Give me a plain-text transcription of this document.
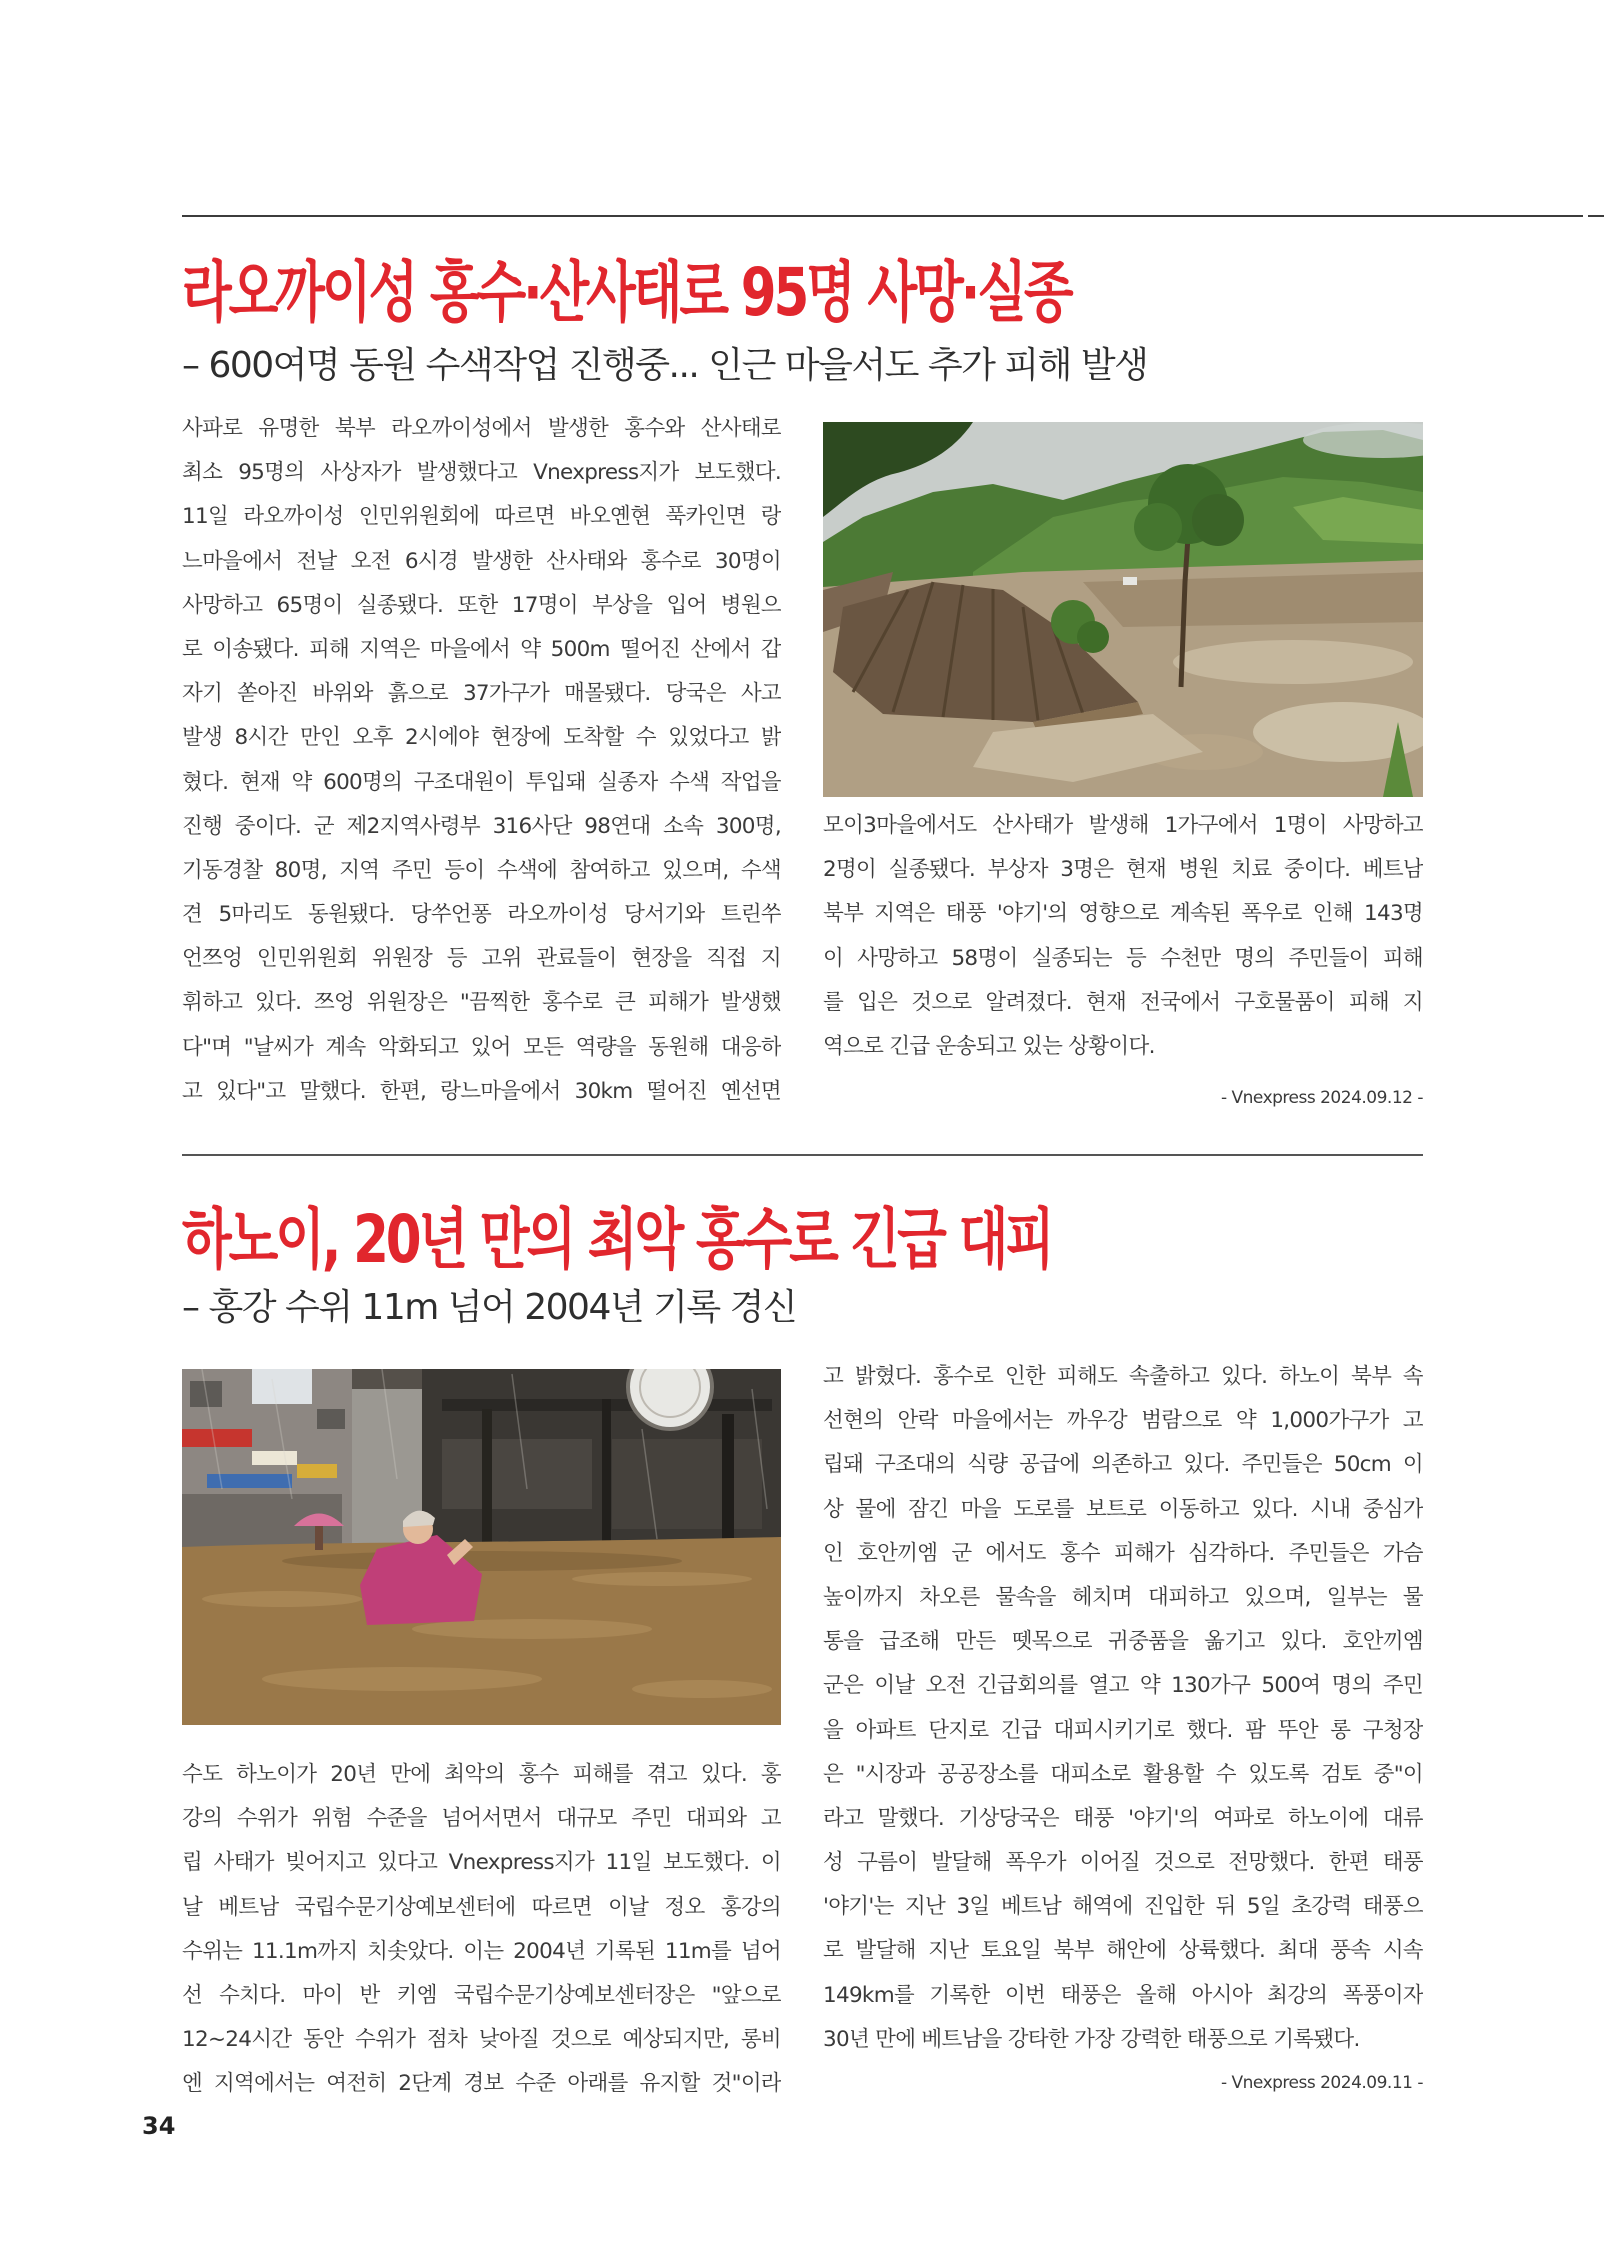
라오까이성 홍수·산사태로 95명 사망·실종
– 600여명 동원 수색작업 진행중... 인근 마을서도 추가 피해 발생
사파로 유명한 북부 라오까이성에서 발생한 홍수와 산사태로
최소 95명의 사상자가 발생했다고 Vnexpress지가 보도했다.
11일 라오까이성 인민위원회에 따르면 바오옌현 푹카인면 랑
느마을에서 전날 오전 6시경 발생한 산사태와 홍수로 30명이
사망하고 65명이 실종됐다. 또한 17명이 부상을 입어 병원으
로 이송됐다. 피해 지역은 마을에서 약 500m 떨어진 산에서 갑
자기 쏟아진 바위와 흙으로 37가구가 매몰됐다. 당국은 사고
발생 8시간 만인 오후 2시에야 현장에 도착할 수 있었다고 밝
혔다. 현재 약 600명의 구조대원이 투입돼 실종자 수색 작업을
진행 중이다. 군 제2지역사령부 316사단 98연대 소속 300명,
기동경찰 80명, 지역 주민 등이 수색에 참여하고 있으며, 수색
견 5마리도 동원됐다. 당쑤언퐁 라오까이성 당서기와 트린쑤
언쯔엉 인민위원회 위원장 등 고위 관료들이 현장을 직접 지
휘하고 있다. 쯔엉 위원장은 "끔찍한 홍수로 큰 피해가 발생했
다"며 "날씨가 계속 악화되고 있어 모든 역량을 동원해 대응하
고 있다"고 말했다. 한편, 랑느마을에서 30km 떨어진 옌선면
모이3마을에서도 산사태가 발생해 1가구에서 1명이 사망하고
2명이 실종됐다. 부상자 3명은 현재 병원 치료 중이다. 베트남
북부 지역은 태풍 '야기'의 영향으로 계속된 폭우로 인해 143명
이 사망하고 58명이 실종되는 등 수천만 명의 주민들이 피해
를 입은 것으로 알려졌다. 현재 전국에서 구호물품이 피해 지
역으로 긴급 운송되고 있는 상황이다.
- Vnexpress 2024.09.12 -
하노이, 20년 만의 최악 홍수로 긴급 대피
– 홍강 수위 11m 넘어 2004년 기록 경신
수도 하노이가 20년 만에 최악의 홍수 피해를 겪고 있다. 홍
강의 수위가 위험 수준을 넘어서면서 대규모 주민 대피와 고
립 사태가 빚어지고 있다고 Vnexpress지가 11일 보도했다. 이
날 베트남 국립수문기상예보센터에 따르면 이날 정오 홍강의
수위는 11.1m까지 치솟았다. 이는 2004년 기록된 11m를 넘어
선 수치다. 마이 반 키엠 국립수문기상예보센터장은 "앞으로
12~24시간 동안 수위가 점차 낮아질 것으로 예상되지만, 롱비
엔 지역에서는 여전히 2단계 경보 수준 아래를 유지할 것"이라
고 밝혔다. 홍수로 인한 피해도 속출하고 있다. 하노이 북부 속
선현의 안락 마을에서는 까우강 범람으로 약 1,000가구가 고
립돼 구조대의 식량 공급에 의존하고 있다. 주민들은 50cm 이
상 물에 잠긴 마을 도로를 보트로 이동하고 있다. 시내 중심가
인 호안끼엠 군 에서도 홍수 피해가 심각하다. 주민들은 가슴
높이까지 차오른 물속을 헤치며 대피하고 있으며, 일부는 물
통을 급조해 만든 뗏목으로 귀중품을 옮기고 있다. 호안끼엠
군은 이날 오전 긴급회의를 열고 약 130가구 500여 명의 주민
을 아파트 단지로 긴급 대피시키기로 했다. 팜 뚜안 롱 구청장
은 "시장과 공공장소를 대피소로 활용할 수 있도록 검토 중"이
라고 말했다. 기상당국은 태풍 '야기'의 여파로 하노이에 대류
성 구름이 발달해 폭우가 이어질 것으로 전망했다. 한편 태풍
'야기'는 지난 3일 베트남 해역에 진입한 뒤 5일 초강력 태풍으
로 발달해 지난 토요일 북부 해안에 상륙했다. 최대 풍속 시속
149km를 기록한 이번 태풍은 올해 아시아 최강의 폭풍이자
30년 만에 베트남을 강타한 가장 강력한 태풍으로 기록됐다.
- Vnexpress 2024.09.11 -
34
